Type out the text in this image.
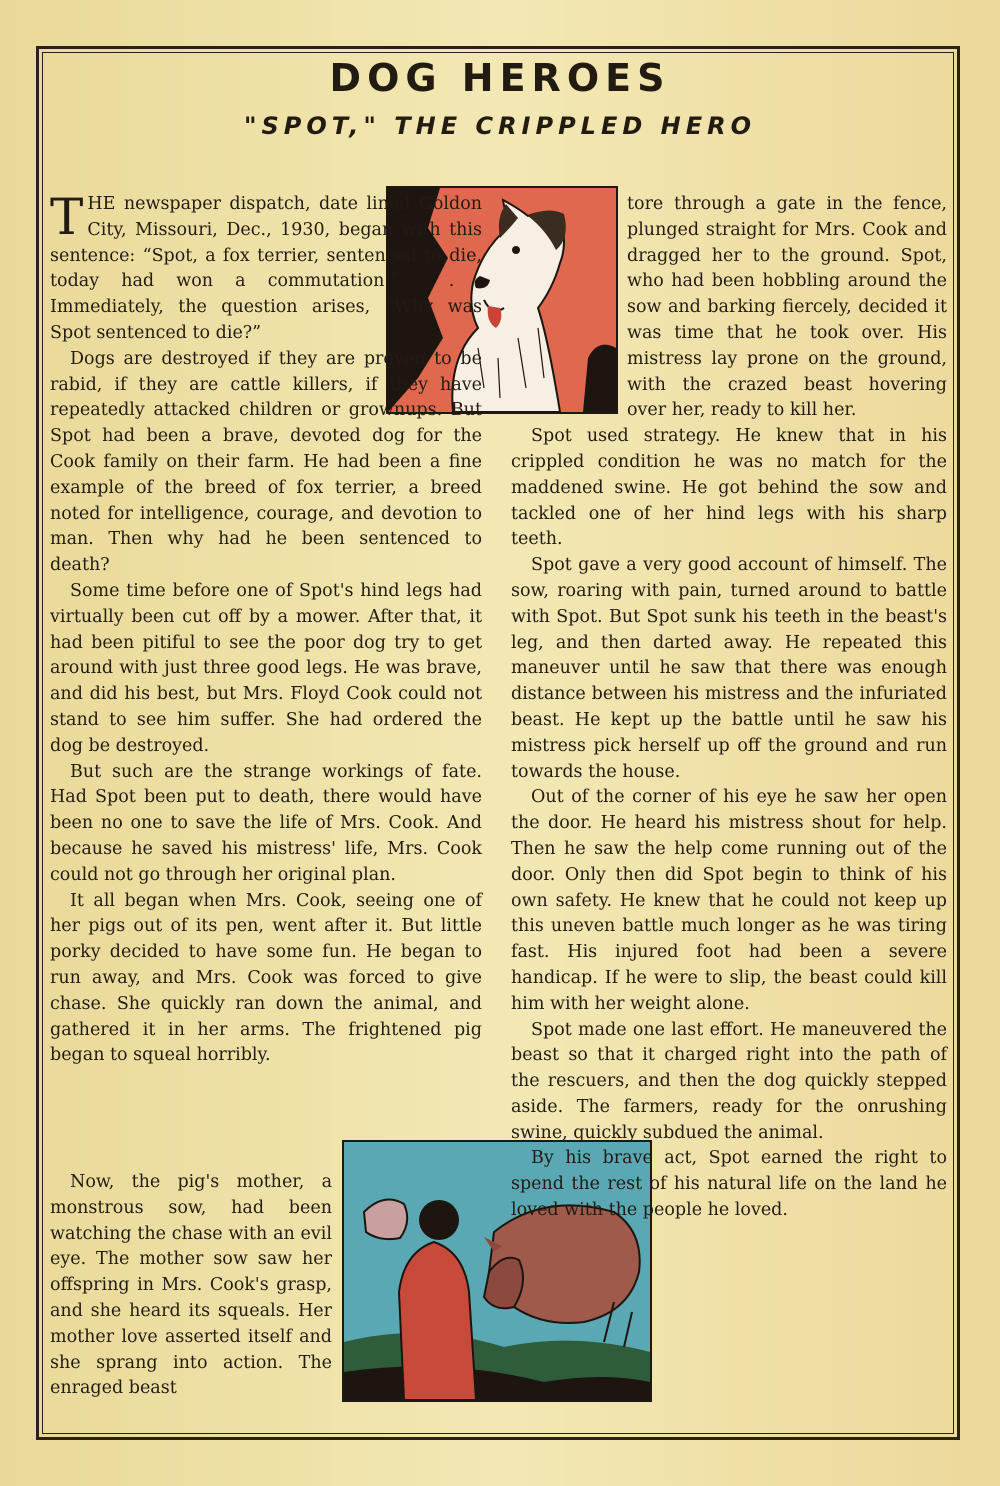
DOG HEROES
"SPOT," THE CRIPPLED HERO

THE newspaper dispatch, date lined Goldon City, Missouri, Dec., 1930, began with this sentence: “Spot, a fox terrier, sentenced to die, today had won a commutation.” . . . Immediately, the question arises, “Why was Spot sentenced to die?”

Dogs are destroyed if they are proven to be rabid, if they are cattle killers, if they have repeatedly attacked children or grownups. But Spot had been a brave, devoted dog for the Cook family on their farm. He had been a fine example of the breed of fox terrier, a breed noted for intelligence, courage, and devotion to man. Then why had he been sentenced to death?

Some time before one of Spot's hind legs had virtually been cut off by a mower. After that, it had been pitiful to see the poor dog try to get around with just three good legs. He was brave, and did his best, but Mrs. Floyd Cook could not stand to see him suffer. She had ordered the dog be destroyed.

But such are the strange workings of fate. Had Spot been put to death, there would have been no one to save the life of Mrs. Cook. And because he saved his mistress' life, Mrs. Cook could not go through her original plan.

It all began when Mrs. Cook, seeing one of her pigs out of its pen, went after it. But little porky decided to have some fun. He began to run away, and Mrs. Cook was forced to give chase. She quickly ran down the animal, and gathered it in her arms. The frightened pig began to squeal horribly.

Now, the pig's mother, a monstrous sow, had been watching the chase with an evil eye. The mother sow saw her offspring in Mrs. Cook's grasp, and she heard its squeals. Her mother love asserted itself and she sprang into action. The enraged beast

tore through a gate in the fence, plunged straight for Mrs. Cook and dragged her to the ground. Spot, who had been hobbling around the sow and barking fiercely, decided it was time that he took over. His mistress lay prone on the ground, with the crazed beast hovering over her, ready to kill her.

Spot used strategy. He knew that in his crippled condition he was no match for the maddened swine. He got behind the sow and tackled one of her hind legs with his sharp teeth.

Spot gave a very good account of himself. The sow, roaring with pain, turned around to battle with Spot. But Spot sunk his teeth in the beast's leg, and then darted away. He repeated this maneuver until he saw that there was enough distance between his mistress and the infuriated beast. He kept up the battle until he saw his mistress pick herself up off the ground and run towards the house.

Out of the corner of his eye he saw her open the door. He heard his mistress shout for help. Then he saw the help come running out of the door. Only then did Spot begin to think of his own safety. He knew that he could not keep up this uneven battle much longer as he was tiring fast. His injured foot had been a severe handicap. If he were to slip, the beast could kill him with her weight alone.

Spot made one last effort. He maneuvered the beast so that it charged right into the path of the rescuers, and then the dog quickly stepped aside. The farmers, ready for the onrushing swine, quickly subdued the animal.

By his brave act, Spot earned the right to spend the rest of his natural life on the land he loved with the people he loved.
